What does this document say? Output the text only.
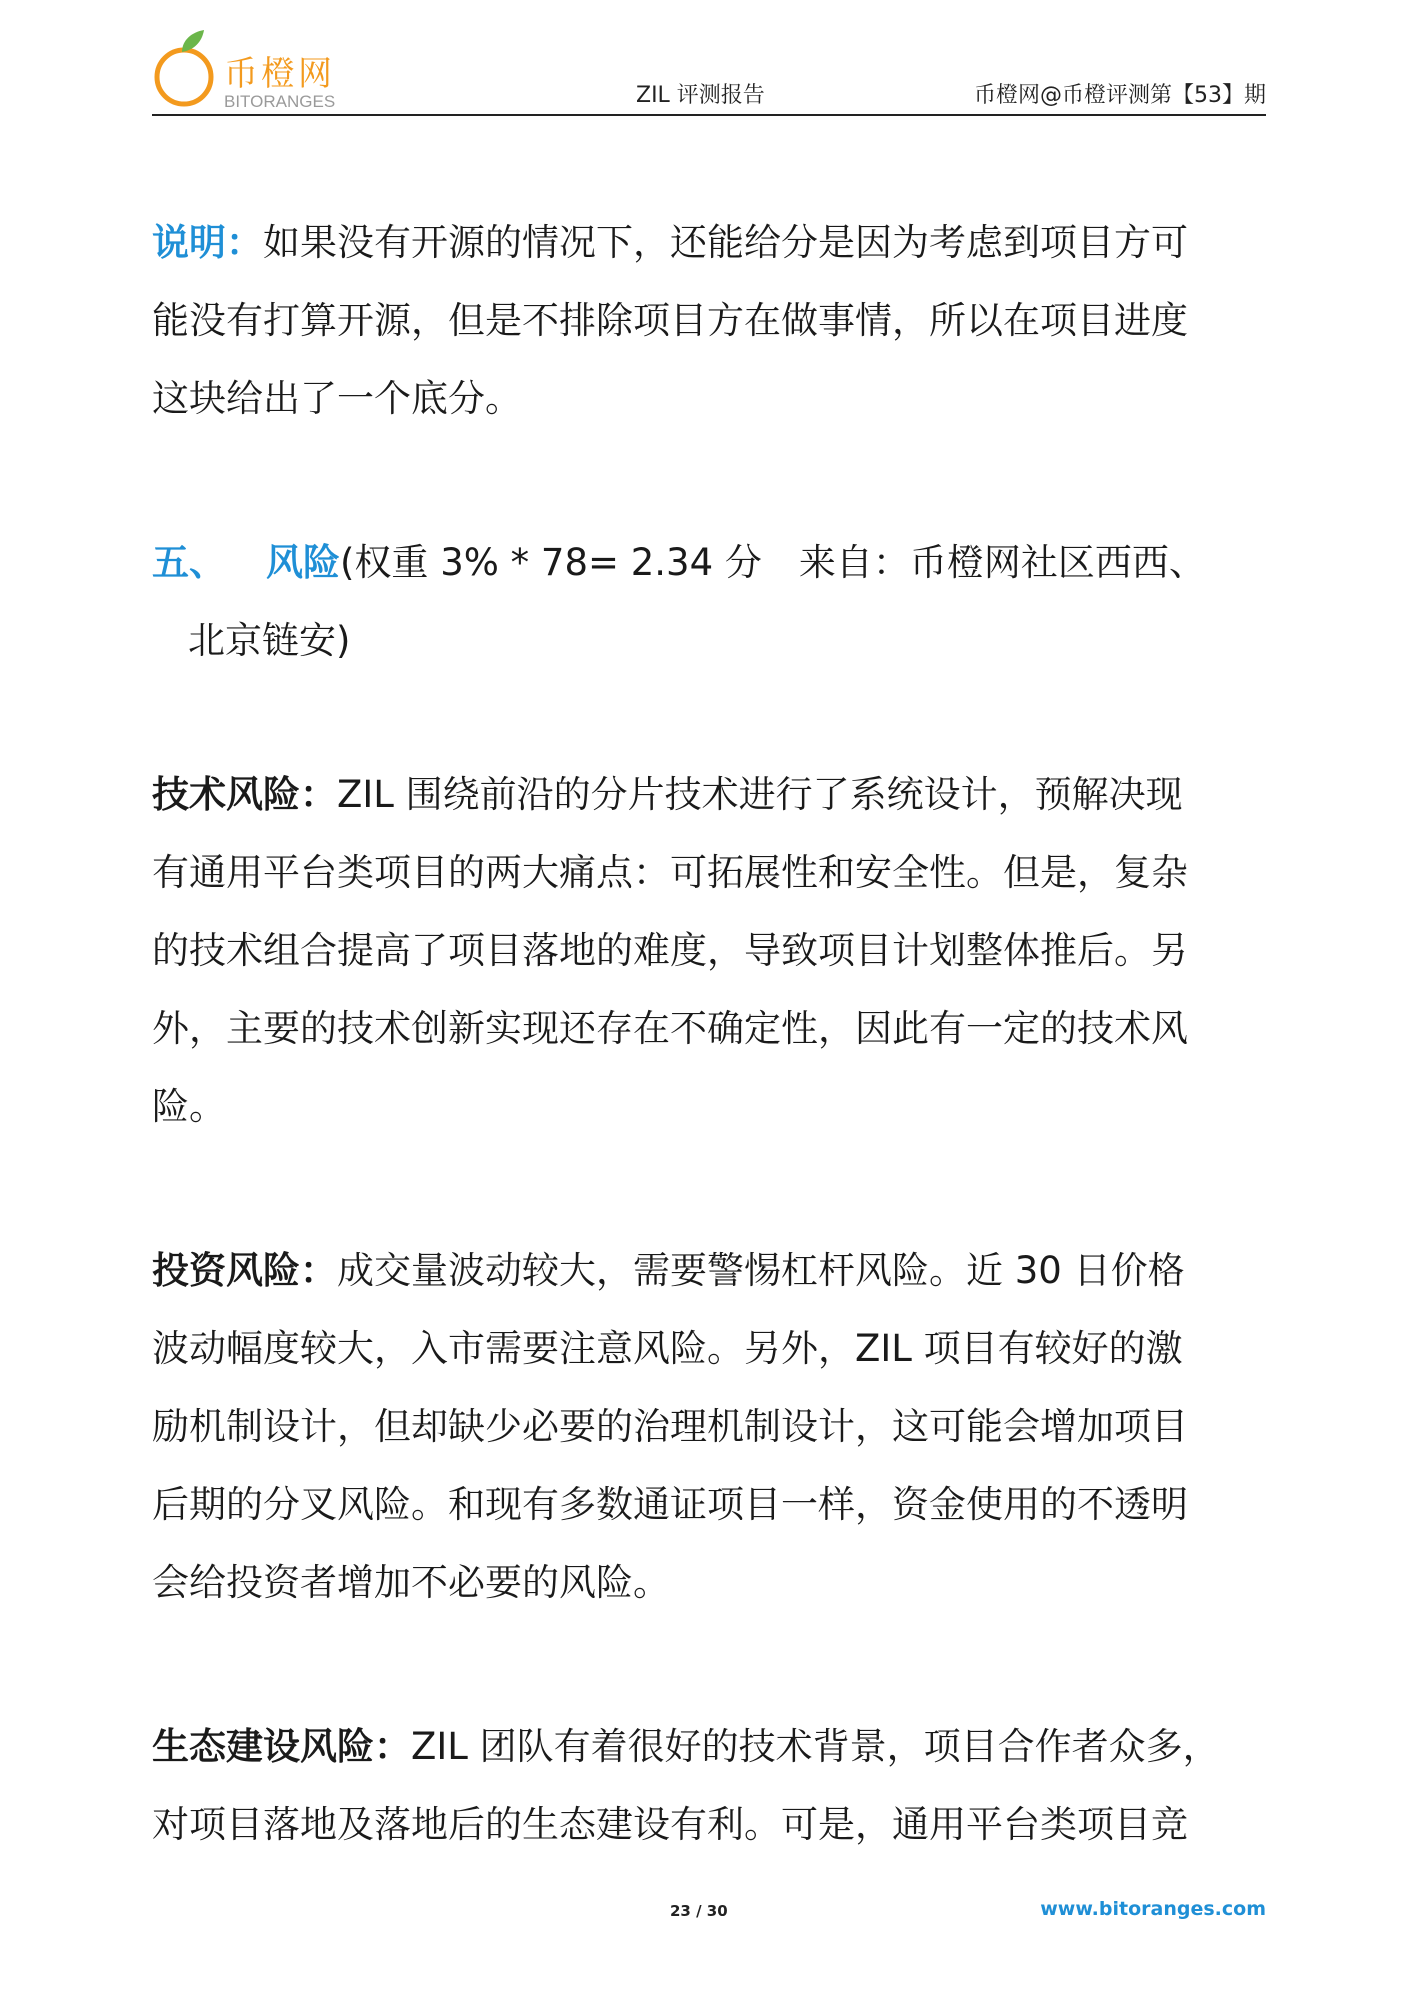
币橙网
BITORANGES	ZIL 评测报告	币橙网@币橙评测第【53】期
说明：如果没有开源的情况下，还能给分是因为考虑到项目方可
能没有打算开源，但是不排除项目方在做事情，所以在项目进度
这块给出了一个底分。
五、 风险(权重 3% * 78= 2.34 分　来自：币橙网社区西西、
北京链安)
技术风险：ZIL 围绕前沿的分片技术进行了系统设计，预解决现
有通用平台类项目的两大痛点：可拓展性和安全性。但是，复杂
的技术组合提高了项目落地的难度，导致项目计划整体推后。另
外，主要的技术创新实现还存在不确定性，因此有一定的技术风
险。
投资风险：成交量波动较大，需要警惕杠杆风险。近 30 日价格
波动幅度较大，入市需要注意风险。另外，ZIL 项目有较好的激
励机制设计，但却缺少必要的治理机制设计，这可能会增加项目
后期的分叉风险。和现有多数通证项目一样，资金使用的不透明
会给投资者增加不必要的风险。
生态建设风险：ZIL 团队有着很好的技术背景，项目合作者众多，
对项目落地及落地后的生态建设有利。可是，通用平台类项目竞
23 / 30	www.bitoranges.com
